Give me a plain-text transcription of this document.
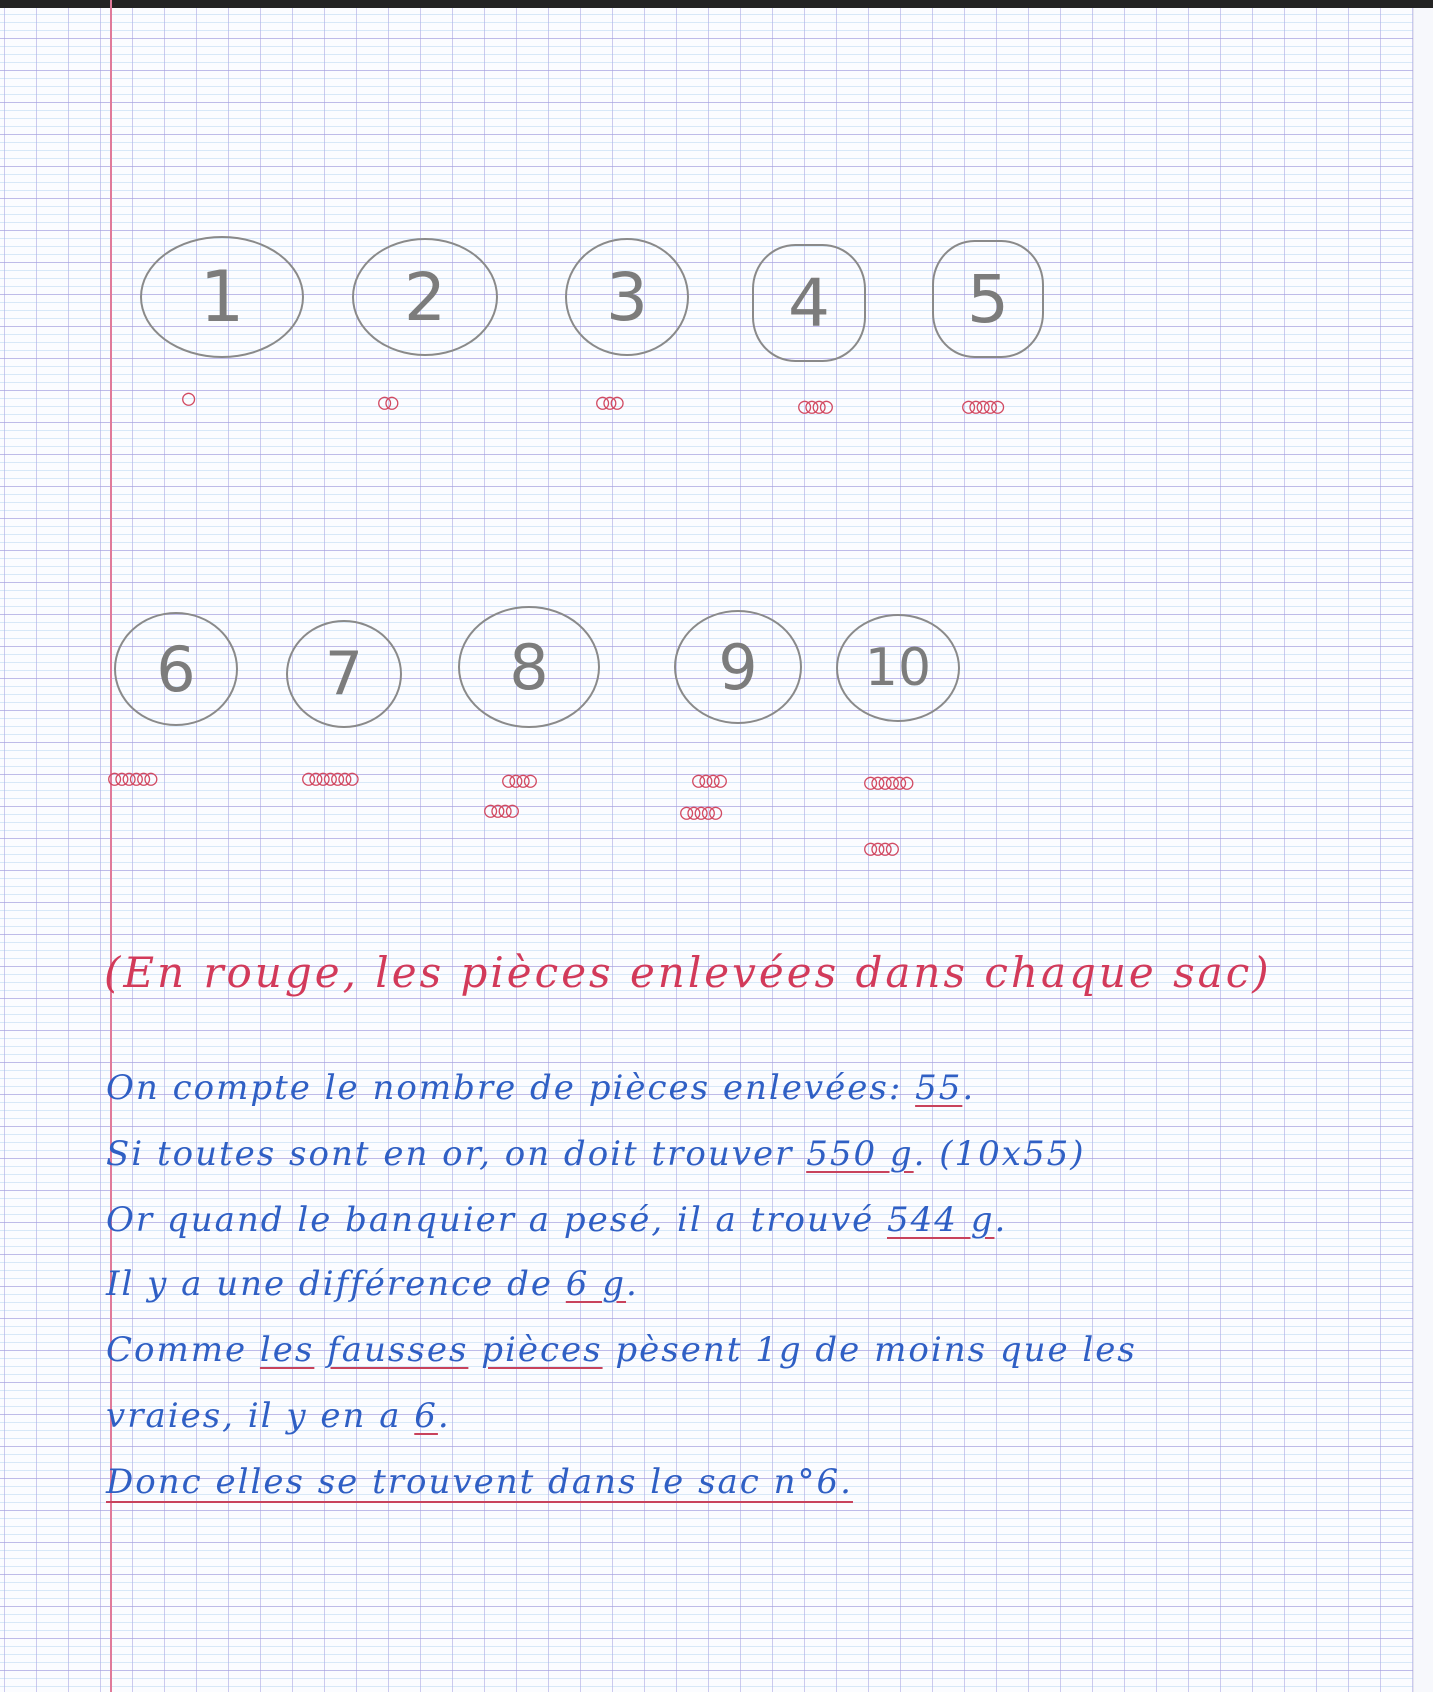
1
○
2
○○
3
○○○
4
○○○○
5
○○○○○
6
○○○○○○
7
○○○○○○○
8
○○○○
○○○○
9
○○○○
○○○○○
10
○○○○○○
○○○○
(En rouge, les pièces enlevées dans chaque sac)
On compte le nombre de pièces enlevées: 55.
Si toutes sont en or, on doit trouver 550 g. (10x55)
Or quand le banquier a pesé, il a trouvé 544 g.
Il y a une différence de 6 g.
Comme les fausses pièces pèsent 1g de moins que les
vraies, il y en a 6.
Donc elles se trouvent dans le sac n°6.
